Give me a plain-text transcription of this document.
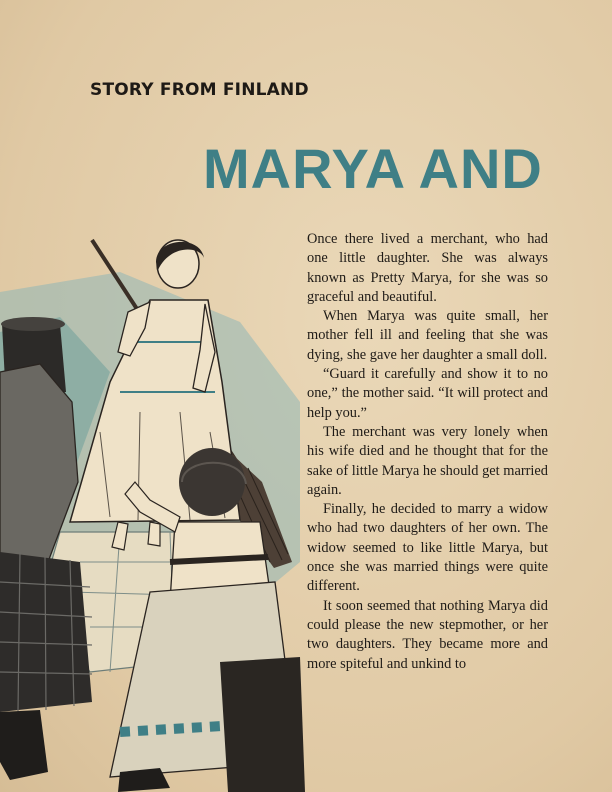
STORY FROM FINLAND
MARYA AND

Once there lived a merchant, who had one little daughter. She was always known as Pretty Marya, for she was so graceful and beautiful.

When Marya was quite small, her mother fell ill and feeling that she was dying, she gave her daughter a small doll.

“Guard it carefully and show it to no one,” the mother said. “It will protect and help you.”

The merchant was very lonely when his wife died and he thought that for the sake of little Marya he should get married again.

Finally, he decided to marry a widow who had two daughters of her own. The widow seemed to like little Marya, but once she was married things were quite different.

It soon seemed that nothing Marya did could please the new stepmother, or her two daughters. They became more and more spiteful and unkind to
